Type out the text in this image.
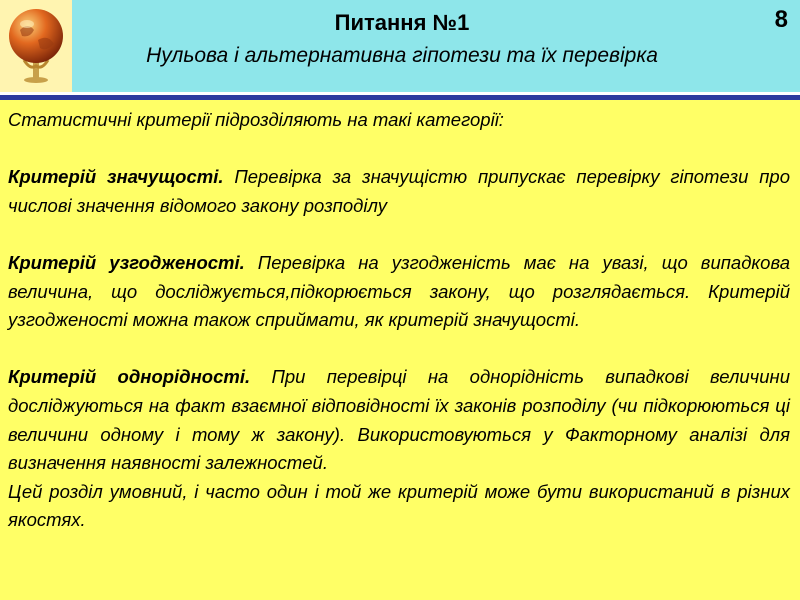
Питання №1
Нульова і альтернативна гіпотези та їх перевірка
8

Статистичні критерії підрозділяють на такі категорії:

Критерій значущості. Перевірка за значущістю припускає перевірку гіпотези про числові значення відомого закону розподілу

Критерій узгодженості. Перевірка на узгодженість має на увазі, що випадкова величина, що досліджується,підкорюється закону, що розглядається. Критерій узгодженості можна також сприймати, як критерій значущості.

Критерій однорідності. При перевірці на однорідність випадкові величини досліджуються на факт взаємної відповідності їх законів розподілу (чи підкорюються ці величини одному і тому ж закону). Використовуються у Факторному аналізі для визначення наявності залежностей.

Цей розділ умовний, і часто один і той же критерій може бути використаний в різних якостях.
